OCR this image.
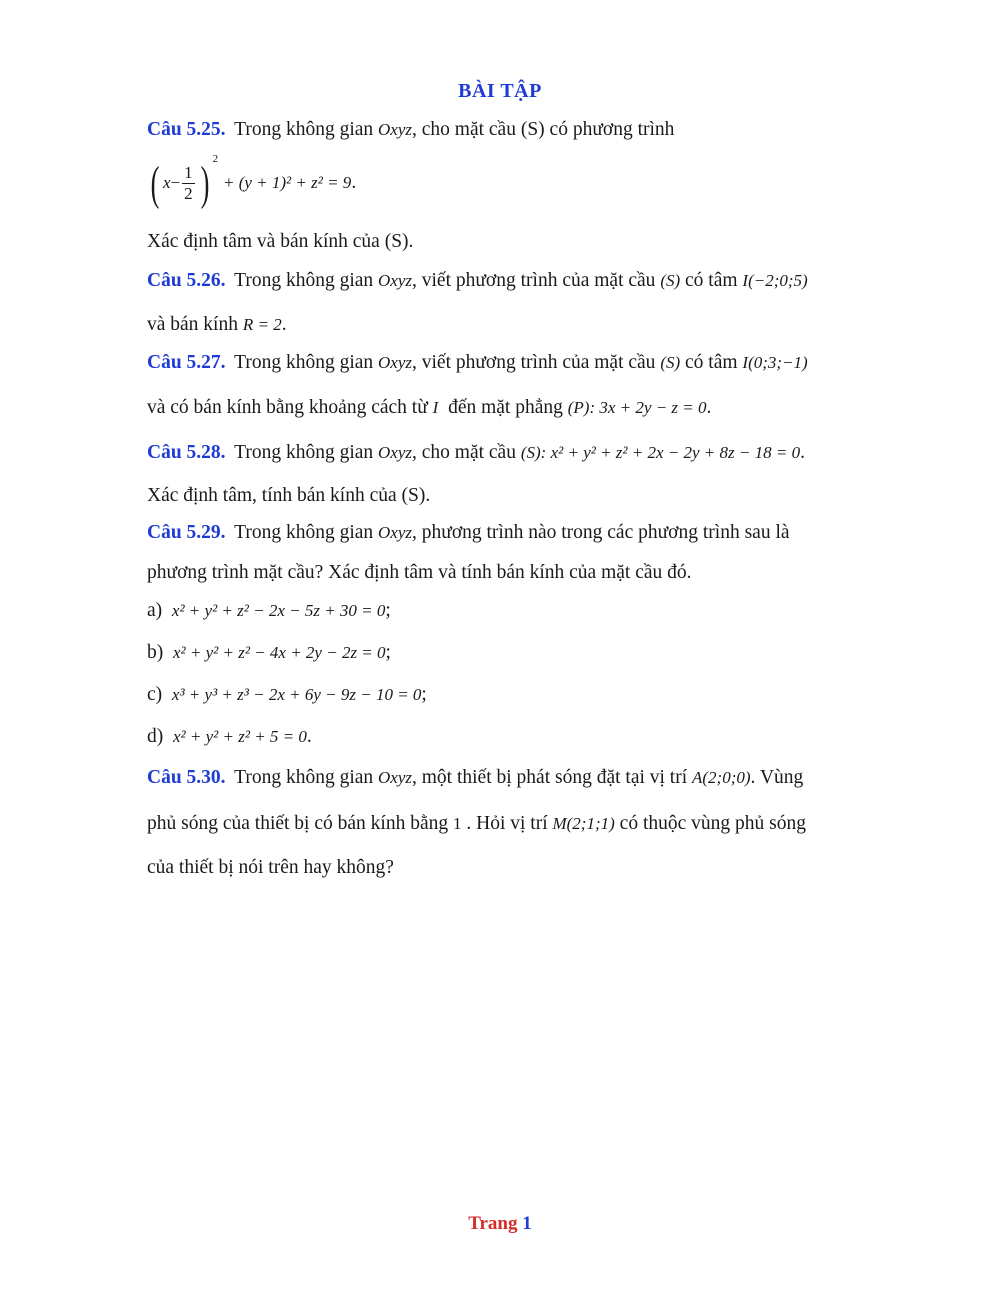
BÀI TẬP
Câu 5.25. Trong không gian Oxyz, cho mặt cầu (S) có phương trình
( $x- \frac{1}{2}$ ) $^2$ + (y + 1)² + z² = 9.
Xác định tâm và bán kính của (S).
Câu 5.26. Trong không gian Oxyz, viết phương trình của mặt cầu (S) có tâm I(−2;0;5)
và bán kính R = 2.
Câu 5.27. Trong không gian Oxyz, viết phương trình của mặt cầu (S) có tâm I(0;3;−1)
và có bán kính bằng khoảng cách từ I đến mặt phẳng (P): 3x + 2y − z = 0.
Câu 5.28. Trong không gian Oxyz, cho mặt cầu (S): x² + y² + z² + 2x − 2y + 8z − 18 = 0.
Xác định tâm, tính bán kính của (S).
Câu 5.29. Trong không gian Oxyz, phương trình nào trong các phương trình sau là
phương trình mặt cầu? Xác định tâm và tính bán kính của mặt cầu đó.
a) x² + y² + z² − 2x − 5z + 30 = 0;
b) x² + y² + z² − 4x + 2y − 2z = 0;
c) x³ + y³ + z³ − 2x + 6y − 9z − 10 = 0;
d) x² + y² + z² + 5 = 0.
Câu 5.30. Trong không gian Oxyz, một thiết bị phát sóng đặt tại vị trí A(2;0;0). Vùng
phủ sóng của thiết bị có bán kính bằng 1 . Hỏi vị trí M(2;1;1) có thuộc vùng phủ sóng
của thiết bị nói trên hay không?
Trang 1
